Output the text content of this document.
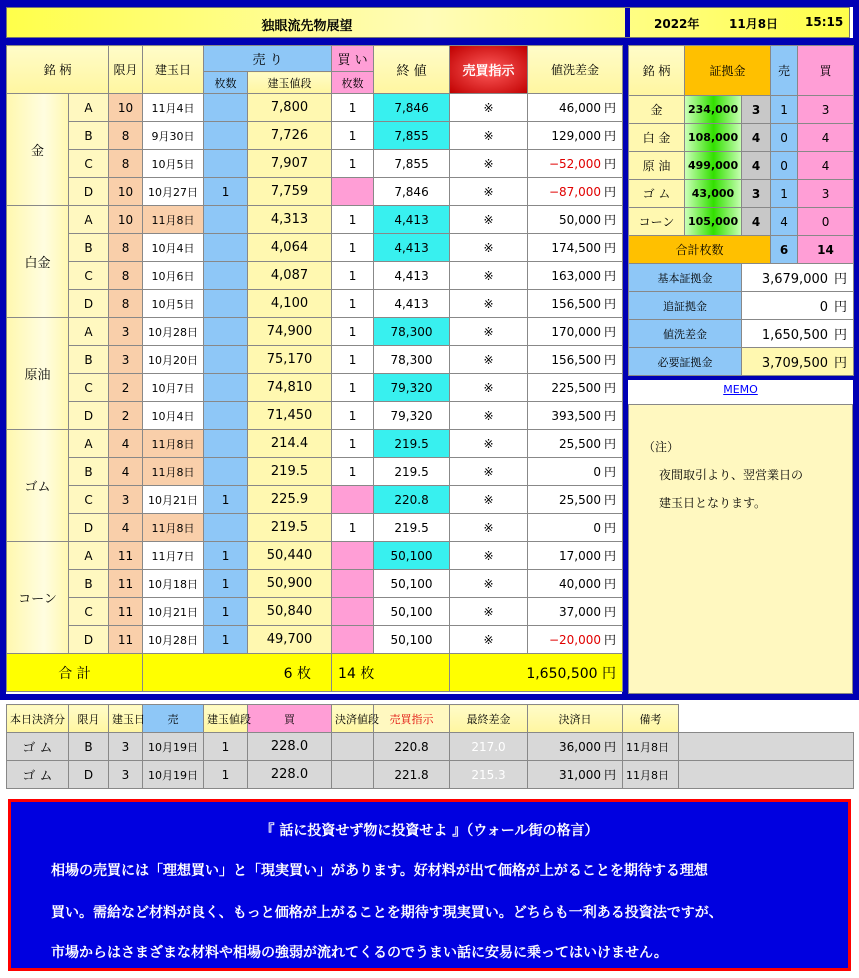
独眼流先物展望	2022年 11月8日 15:15
銘 柄		限月	建玉日	売 り		買 い	終 値	売買指示	値洗差金
				枚数	建玉値段	枚数			
金	A	10	11月4日		7,800	1	7,846	※	46,000 円
	B	8	9月30日		7,726	1	7,855	※	129,000 円
	C	8	10月5日		7,907	1	7,855	※	−52,000 円
	D	10	10月27日	1	7,759		7,846	※	−87,000 円
白金	A	10	11月8日		4,313	1	4,413	※	50,000 円
	B	8	10月4日		4,064	1	4,413	※	174,500 円
	C	8	10月6日		4,087	1	4,413	※	163,000 円
	D	8	10月5日		4,100	1	4,413	※	156,500 円
原油	A	3	10月28日		74,900	1	78,300	※	170,000 円
	B	3	10月20日		75,170	1	78,300	※	156,500 円
	C	2	10月7日		74,810	1	79,320	※	225,500 円
	D	2	10月4日		71,450	1	79,320	※	393,500 円
ゴム	A	4	11月8日		214.4	1	219.5	※	25,500 円
	B	4	11月8日		219.5	1	219.5	※	0 円
	C	3	10月21日	1	225.9		220.8	※	25,500 円
	D	4	11月8日		219.5	1	219.5	※	0 円
コーン	A	11	11月7日	1	50,440		50,100	※	17,000 円
	B	11	10月18日	1	50,900		50,100	※	40,000 円
	C	11	10月21日	1	50,840		50,100	※	37,000 円
	D	11	10月28日	1	49,700		50,100	※	−20,000 円
合 計			6 枚			14 枚		1,650,500 円	
銘 柄	証拠金		売	買
金	234,000	3	1	3
白 金	108,000	4	0	4
原 油	499,000	4	0	4
ゴ ム	43,000	3	1	3
コーン	105,000	4	4	0
合計枚数			6	14
基本証拠金		3,679,000 円		
追証拠金		0 円		
値洗差金		1,650,500 円		
必要証拠金		3,709,500 円		
MEMO
（注）
夜間取引より、翌営業日の
建玉日となります。
本日決済分	限月	建玉日	売	建玉値段	買	決済値段	売買指示	最終差金	決済日	備考	
ゴ ム	B	3	10月19日	1	228.0		220.8	217.0	36,000 円	11月8日	
ゴ ム	D	3	10月19日	1	228.0		221.8	215.3	31,000 円	11月8日	
『 話に投資せず物に投資せよ 』（ウォール街の格言）
相場の売買には「理想買い」と「現実買い」があります。好材料が出て価格が上がることを期待する理想
買い。需給など材料が良く、もっと価格が上がることを期待す現実買い。どちらも一利ある投資法ですが、
市場からはさまざまな材料や相場の強弱が流れてくるのでうまい話に安易に乗ってはいけません。
